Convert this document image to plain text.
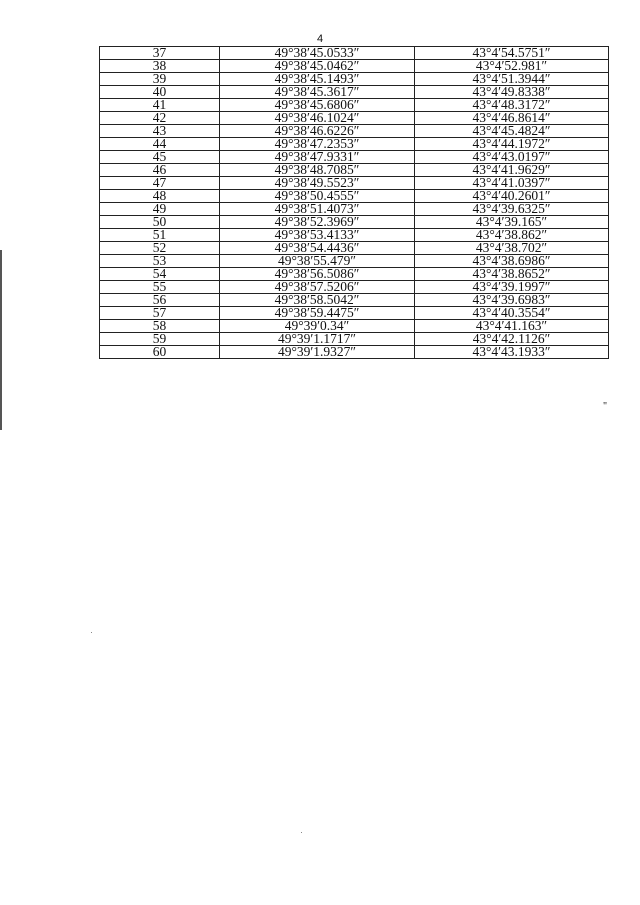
4
37	49°38′45.0533″	43°4′54.5751″
38	49°38′45.0462″	43°4′52.981″
39	49°38′45.1493″	43°4′51.3944″
40	49°38′45.3617″	43°4′49.8338″
41	49°38′45.6806″	43°4′48.3172″
42	49°38′46.1024″	43°4′46.8614″
43	49°38′46.6226″	43°4′45.4824″
44	49°38′47.2353″	43°4′44.1972″
45	49°38′47.9331″	43°4′43.0197″
46	49°38′48.7085″	43°4′41.9629″
47	49°38′49.5523″	43°4′41.0397″
48	49°38′50.4555″	43°4′40.2601″
49	49°38′51.4073″	43°4′39.6325″
50	49°38′52.3969″	43°4′39.165″
51	49°38′53.4133″	43°4′38.862″
52	49°38′54.4436″	43°4′38.702″
53	49°38′55.479″	43°4′38.6986″
54	49°38′56.5086″	43°4′38.8652″
55	49°38′57.5206″	43°4′39.1997″
56	49°38′58.5042″	43°4′39.6983″
57	49°38′59.4475″	43°4′40.3554″
58	49°39′0.34″	43°4′41.163″
59	49°39′1.1717″	43°4′42.1126″
60	49°39′1.9327″	43°4′43.1933″
"
